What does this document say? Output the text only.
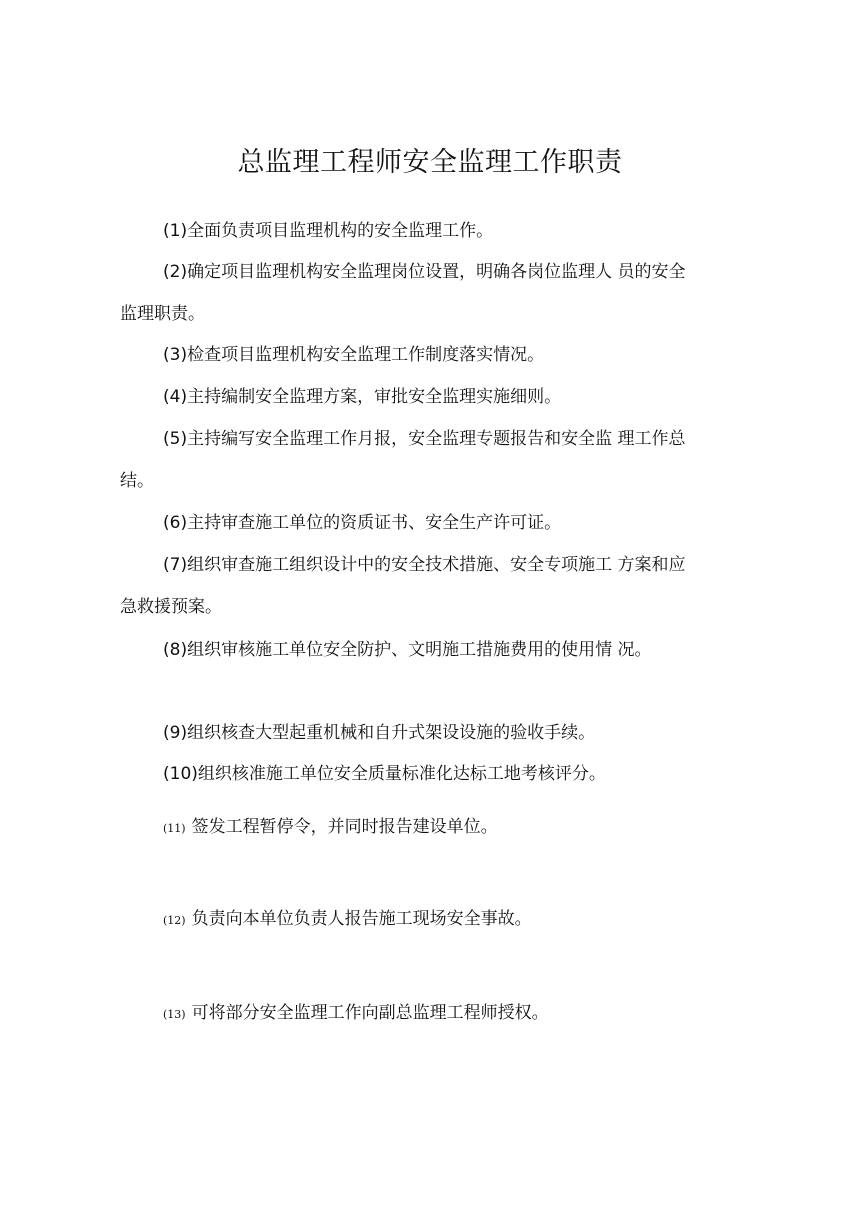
总监理工程师安全监理工作职责

(1)全面负责项目监理机构的安全监理工作。

(2)确定项目监理机构安全监理岗位设置，明确各岗位监理人 员的安全监理职责。

(3)检查项目监理机构安全监理工作制度落实情况。

(4)主持编制安全监理方案，审批安全监理实施细则。

(5)主持编写安全监理工作月报，安全监理专题报告和安全监 理工作总结。

(6)主持审查施工单位的资质证书、安全生产许可证。

(7)组织审查施工组织设计中的安全技术措施、安全专项施工 方案和应急救援预案。

(8)组织审核施工单位安全防护、文明施工措施费用的使用情 况。

(9)组织核查大型起重机械和自升式架设设施的验收手续。

(10)组织核准施工单位安全质量标准化达标工地考核评分。

(11) 签发工程暂停令，并同时报告建设单位。

(12) 负责向本单位负责人报告施工现场安全事故。

(13) 可将部分安全监理工作向副总监理工程师授权。
